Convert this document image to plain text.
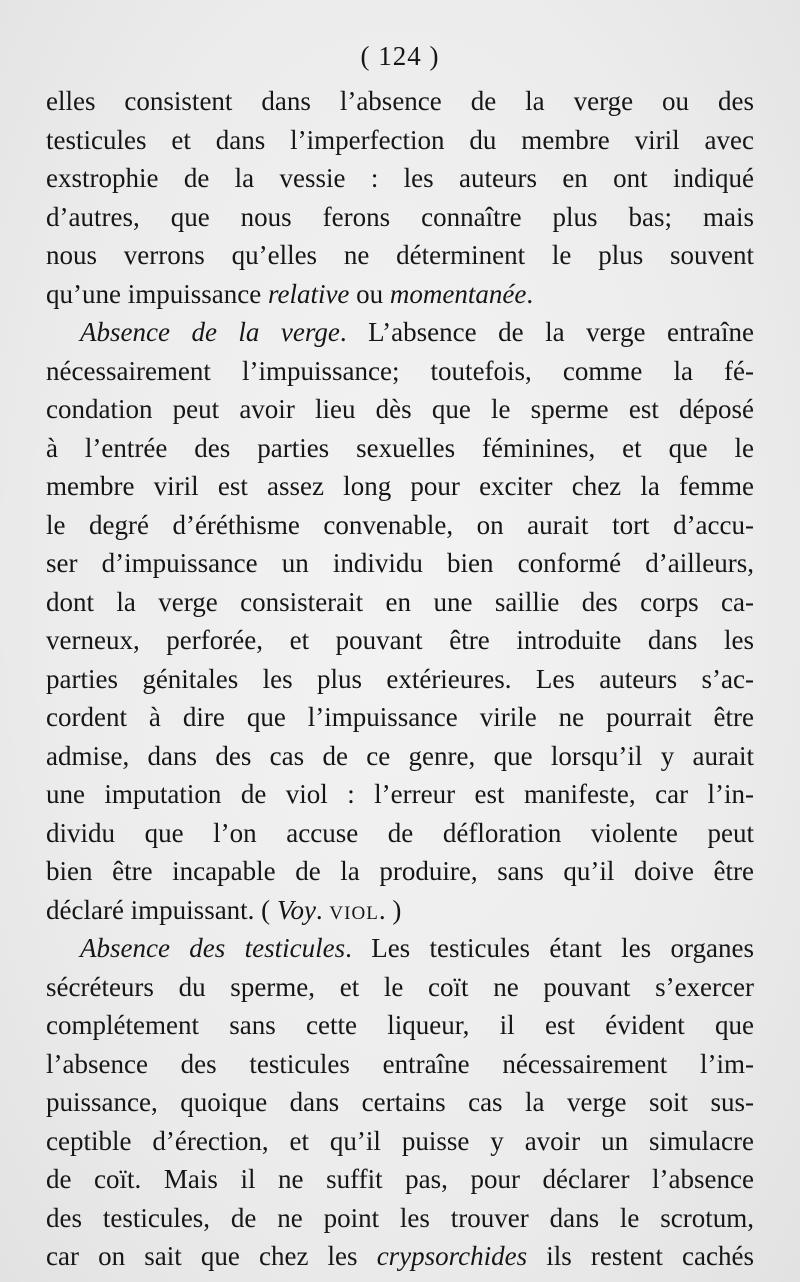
( 124 )
elles consistent dans l’absence de la verge ou des
testicules et dans l’imperfection du membre viril avec
exstrophie de la vessie : les auteurs en ont indiqué
d’autres, que nous ferons connaître plus bas; mais
nous verrons qu’elles ne déterminent le plus souvent
qu’une impuissance relative ou momentanée.
Absence de la verge. L’absence de la verge entraîne
nécessairement l’impuissance; toutefois, comme la fé-
condation peut avoir lieu dès que le sperme est déposé
à l’entrée des parties sexuelles féminines, et que le
membre viril est assez long pour exciter chez la femme
le degré d’éréthisme convenable, on aurait tort d’accu-
ser d’impuissance un individu bien conformé d’ailleurs,
dont la verge consisterait en une saillie des corps ca-
verneux, perforée, et pouvant être introduite dans les
parties génitales les plus extérieures. Les auteurs s’ac-
cordent à dire que l’impuissance virile ne pourrait être
admise, dans des cas de ce genre, que lorsqu’il y aurait
une imputation de viol : l’erreur est manifeste, car l’in-
dividu que l’on accuse de défloration violente peut
bien être incapable de la produire, sans qu’il doive être
déclaré impuissant. ( Voy. viol. )
Absence des testicules. Les testicules étant les organes
sécréteurs du sperme, et le coït ne pouvant s’exercer
complétement sans cette liqueur, il est évident que
l’absence des testicules entraîne nécessairement l’im-
puissance, quoique dans certains cas la verge soit sus-
ceptible d’érection, et qu’il puisse y avoir un simulacre
de coït. Mais il ne suffit pas, pour déclarer l’absence
des testicules, de ne point les trouver dans le scrotum,
car on sait que chez les crypsorchides ils restent cachés
